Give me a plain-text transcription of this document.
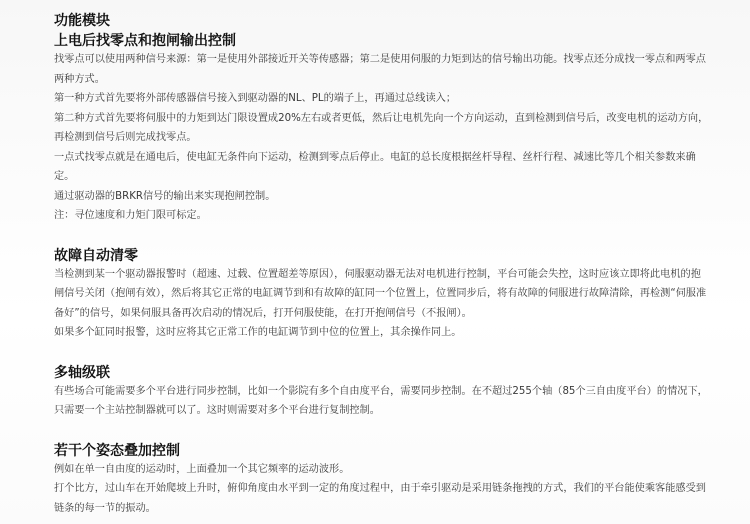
功能模块
上电后找零点和抱闸输出控制

找零点可以使用两种信号来源：第一是使用外部接近开关等传感器；第二是使用伺服的力矩到达的信号输出功能。找零点还分成找一零点和两零点两种方式。

第一种方式首先要将外部传感器信号接入到驱动器的NL、PL的端子上，再通过总线读入；

第二种方式首先要将伺服中的力矩到达门限设置成20%左右或者更低，然后让电机先向一个方向运动，直到检测到信号后，改变电机的运动方向，再检测到信号后则完成找零点。

一点式找零点就是在通电后，使电缸无条件向下运动，检测到零点后停止。电缸的总长度根据丝杆导程、丝杆行程、减速比等几个相关参数来确定。

通过驱动器的BRKR信号的输出来实现抱闸控制。

注：寻位速度和力矩门限可标定。

故障自动清零

当检测到某一个驱动器报警时（超速、过载、位置超差等原因），伺服驱动器无法对电机进行控制，平台可能会失控，这时应该立即将此电机的抱闸信号关闭（抱闸有效），然后将其它正常的电缸调节到和有故障的缸同一个位置上，位置同步后，将有故障的伺服进行故障清除，再检测“伺服准备好”的信号，如果伺服具备再次启动的情况后，打开伺服使能，在打开抱闸信号（不报闸）。

如果多个缸同时报警，这时应将其它正常工作的电缸调节到中位的位置上，其余操作同上。

多轴级联

有些场合可能需要多个平台进行同步控制，比如一个影院有多个自由度平台，需要同步控制。在不超过255个轴（85个三自由度平台）的情况下，只需要一个主站控制器就可以了。这时则需要对多个平台进行复制控制。

若干个姿态叠加控制

例如在单一自由度的运动时，上面叠加一个其它频率的运动波形。

打个比方，过山车在开始爬坡上升时，俯仰角度由水平到一定的角度过程中，由于牵引驱动是采用链条拖拽的方式，我们的平台能使乘客能感受到链条的每一节的振动。
